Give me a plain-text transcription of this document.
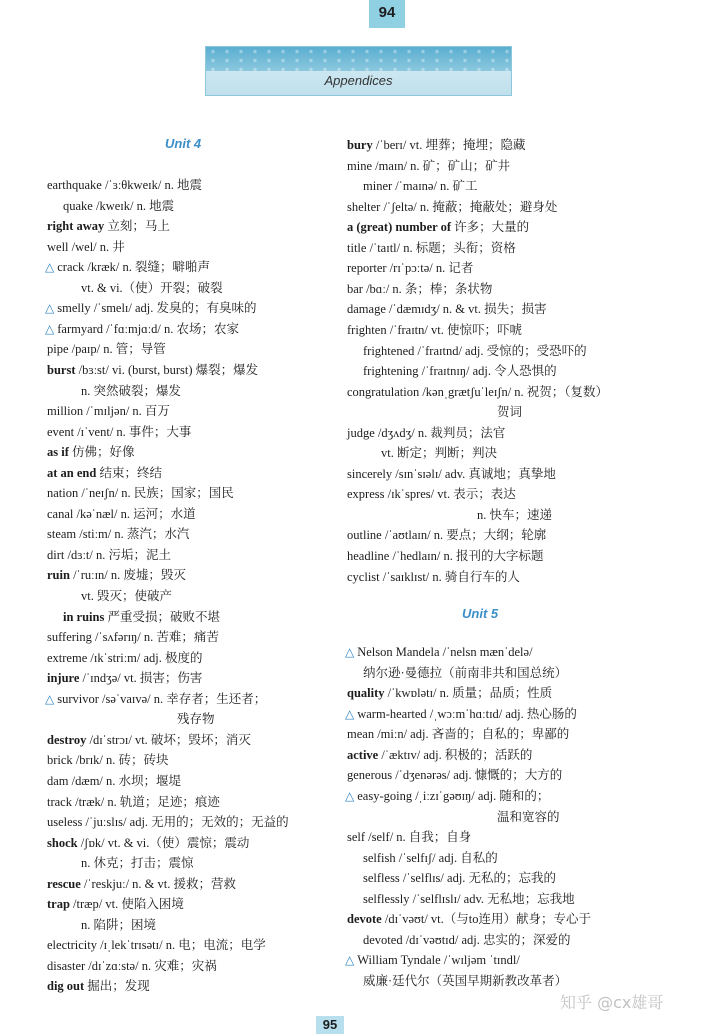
94
Appendices
Unit 4
earthquake /ˈɜːθkweɪk/ n. 地震
quake /kweɪk/ n. 地震
right away 立刻；马上
well /wel/ n. 井
△ crack /kræk/ n. 裂缝；噼啪声
vt. & vi.（使）开裂；破裂
△ smelly /ˈsmelɪ/ adj. 发臭的；有臭味的
△ farmyard /ˈfɑːmjɑːd/ n. 农场；农家
pipe /paɪp/ n. 管；导管
burst /bɜːst/ vi. (burst, burst) 爆裂；爆发
n. 突然破裂；爆发
million /ˈmɪljən/ n. 百万
event /ɪˈvent/ n. 事件；大事
as if 仿佛；好像
at an end 结束；终结
nation /ˈneɪʃn/ n. 民族；国家；国民
canal /kəˈnæl/ n. 运河；水道
steam /stiːm/ n. 蒸汽；水汽
dirt /dɜːt/ n. 污垢；泥土
ruin /ˈruːɪn/ n. 废墟；毁灭
vt. 毁灭；使破产
in ruins 严重受损；破败不堪
suffering /ˈsʌfərɪŋ/ n. 苦难；痛苦
extreme /ɪkˈstriːm/ adj. 极度的
injure /ˈɪndʒə/ vt. 损害；伤害
△ survivor /səˈvaɪvə/ n. 幸存者；生还者；
残存物
destroy /dɪˈstrɔɪ/ vt. 破坏；毁坏；消灭
brick /brɪk/ n. 砖；砖块
dam /dæm/ n. 水坝；堰堤
track /træk/ n. 轨道；足迹；痕迹
useless /ˈjuːslɪs/ adj. 无用的；无效的；无益的
shock /ʃɒk/ vt. & vi.（使）震惊；震动
n. 休克；打击；震惊
rescue /ˈreskjuː/ n. & vt. 援救；营救
trap /træp/ vt. 使陷入困境
n. 陷阱；困境
electricity /ɪˌlekˈtrɪsətɪ/ n. 电；电流；电学
disaster /dɪˈzɑːstə/ n. 灾难；灾祸
dig out 掘出；发现
bury /ˈberɪ/ vt. 埋葬；掩埋；隐藏
mine /maɪn/ n. 矿；矿山；矿井
miner /ˈmaɪnə/ n. 矿工
shelter /ˈʃeltə/ n. 掩蔽；掩蔽处；避身处
a (great) number of 许多；大量的
title /ˈtaɪtl/ n. 标题；头衔；资格
reporter /rɪˈpɔːtə/ n. 记者
bar /bɑː/ n. 条；棒；条状物
damage /ˈdæmɪdʒ/ n. & vt. 损失；损害
frighten /ˈfraɪtn/ vt. 使惊吓；吓唬
frightened /ˈfraɪtnd/ adj. 受惊的；受恐吓的
frightening /ˈfraɪtnɪŋ/ adj. 令人恐惧的
congratulation /kənˌgrætʃuˈleɪʃn/ n. 祝贺；（复数）
贺词
judge /dʒʌdʒ/ n. 裁判员；法官
vt. 断定；判断；判决
sincerely /sɪnˈsɪəlɪ/ adv. 真诚地；真挚地
express /ɪkˈspres/ vt. 表示；表达
n. 快车；速递
outline /ˈaʊtlaɪn/ n. 要点；大纲；轮廓
headline /ˈhedlaɪn/ n. 报刊的大字标题
cyclist /ˈsaɪklɪst/ n. 骑自行车的人
Unit 5
△ Nelson Mandela /ˈnelsn mænˈdelə/
纳尔逊·曼德拉（前南非共和国总统）
quality /ˈkwɒlətɪ/ n. 质量；品质；性质
△ warm-hearted /ˌwɔːmˈhɑːtɪd/ adj. 热心肠的
mean /miːn/ adj. 吝啬的；自私的；卑鄙的
active /ˈæktɪv/ adj. 积极的；活跃的
generous /ˈdʒenərəs/ adj. 慷慨的；大方的
△ easy-going /ˌiːzɪˈgəʊɪŋ/ adj. 随和的；
温和宽容的
self /self/ n. 自我；自身
selfish /ˈselfɪʃ/ adj. 自私的
selfless /ˈselflɪs/ adj. 无私的；忘我的
selflessly /ˈselflɪslɪ/ adv. 无私地；忘我地
devote /dɪˈvəʊt/ vt.（与to连用）献身；专心于
devoted /dɪˈvəʊtɪd/ adj. 忠实的；深爱的
△ William Tyndale /ˈwɪljəm ˈtɪndl/
威廉·廷代尔（英国早期新教改革者）
95
知乎 @cx雄哥
